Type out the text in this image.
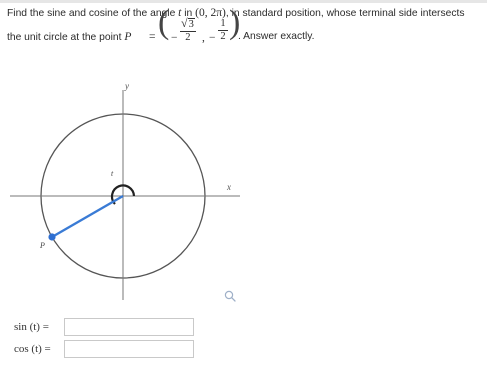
Find the sine and cosine of the angle t in (0, 2π), in standard position, whose terminal side intersects
the unit circle at the point P = ( − $\frac{√3}{2}$ , − $\frac{1}{2}$ )
. Answer exactly.
y
x
t
P
sin (t) =
cos (t) =
